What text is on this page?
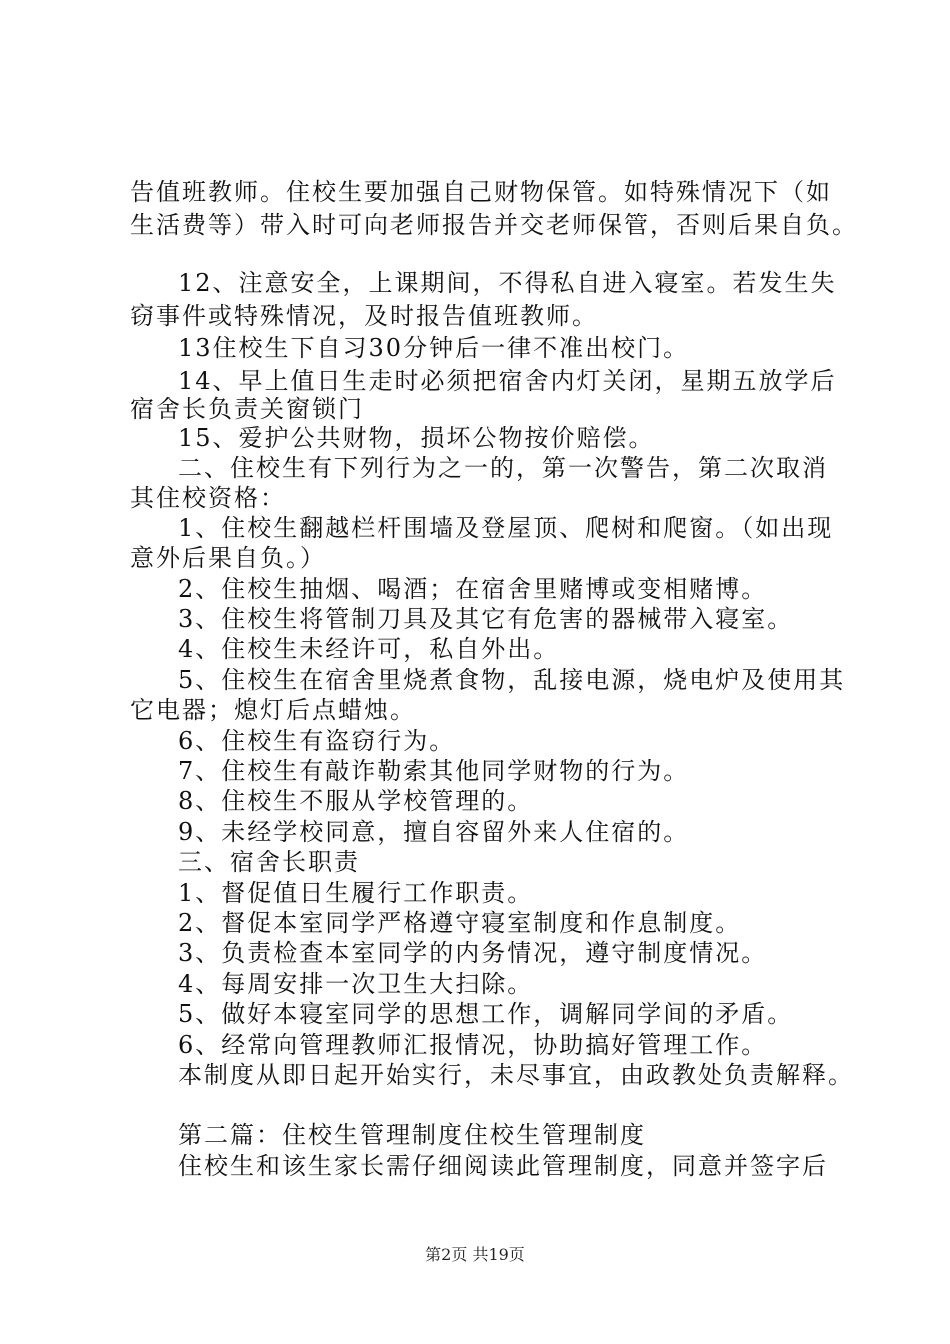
告值班教师。住校生要加强自己财物保管。如特殊情况下（如
生活费等）带入时可向老师报告并交老师保管，否则后果自负。
12、注意安全，上课期间，不得私自进入寝室。若发生失
窃事件或特殊情况，及时报告值班教师。
13住校生下自习30分钟后一律不准出校门。
14、早上值日生走时必须把宿舍内灯关闭，星期五放学后
宿舍长负责关窗锁门
15、爱护公共财物，损坏公物按价赔偿。
二、住校生有下列行为之一的，第一次警告，第二次取消
其住校资格：
1、住校生翻越栏杆围墙及登屋顶、爬树和爬窗。（如出现
意外后果自负。）
2、住校生抽烟、喝酒；在宿舍里赌博或变相赌博。
3、住校生将管制刀具及其它有危害的器械带入寝室。
4、住校生未经许可，私自外出。
5、住校生在宿舍里烧煮食物，乱接电源，烧电炉及使用其
它电器；熄灯后点蜡烛。
6、住校生有盗窃行为。
7、住校生有敲诈勒索其他同学财物的行为。
8、住校生不服从学校管理的。
9、未经学校同意，擅自容留外来人住宿的。
三、宿舍长职责
1、督促值日生履行工作职责。
2、督促本室同学严格遵守寝室制度和作息制度。
3、负责检查本室同学的内务情况，遵守制度情况。
4、每周安排一次卫生大扫除。
5、做好本寝室同学的思想工作，调解同学间的矛盾。
6、经常向管理教师汇报情况，协助搞好管理工作。
本制度从即日起开始实行，未尽事宜，由政教处负责解释。
第二篇：住校生管理制度住校生管理制度
住校生和该生家长需仔细阅读此管理制度，同意并签字后
第2页 共19页
